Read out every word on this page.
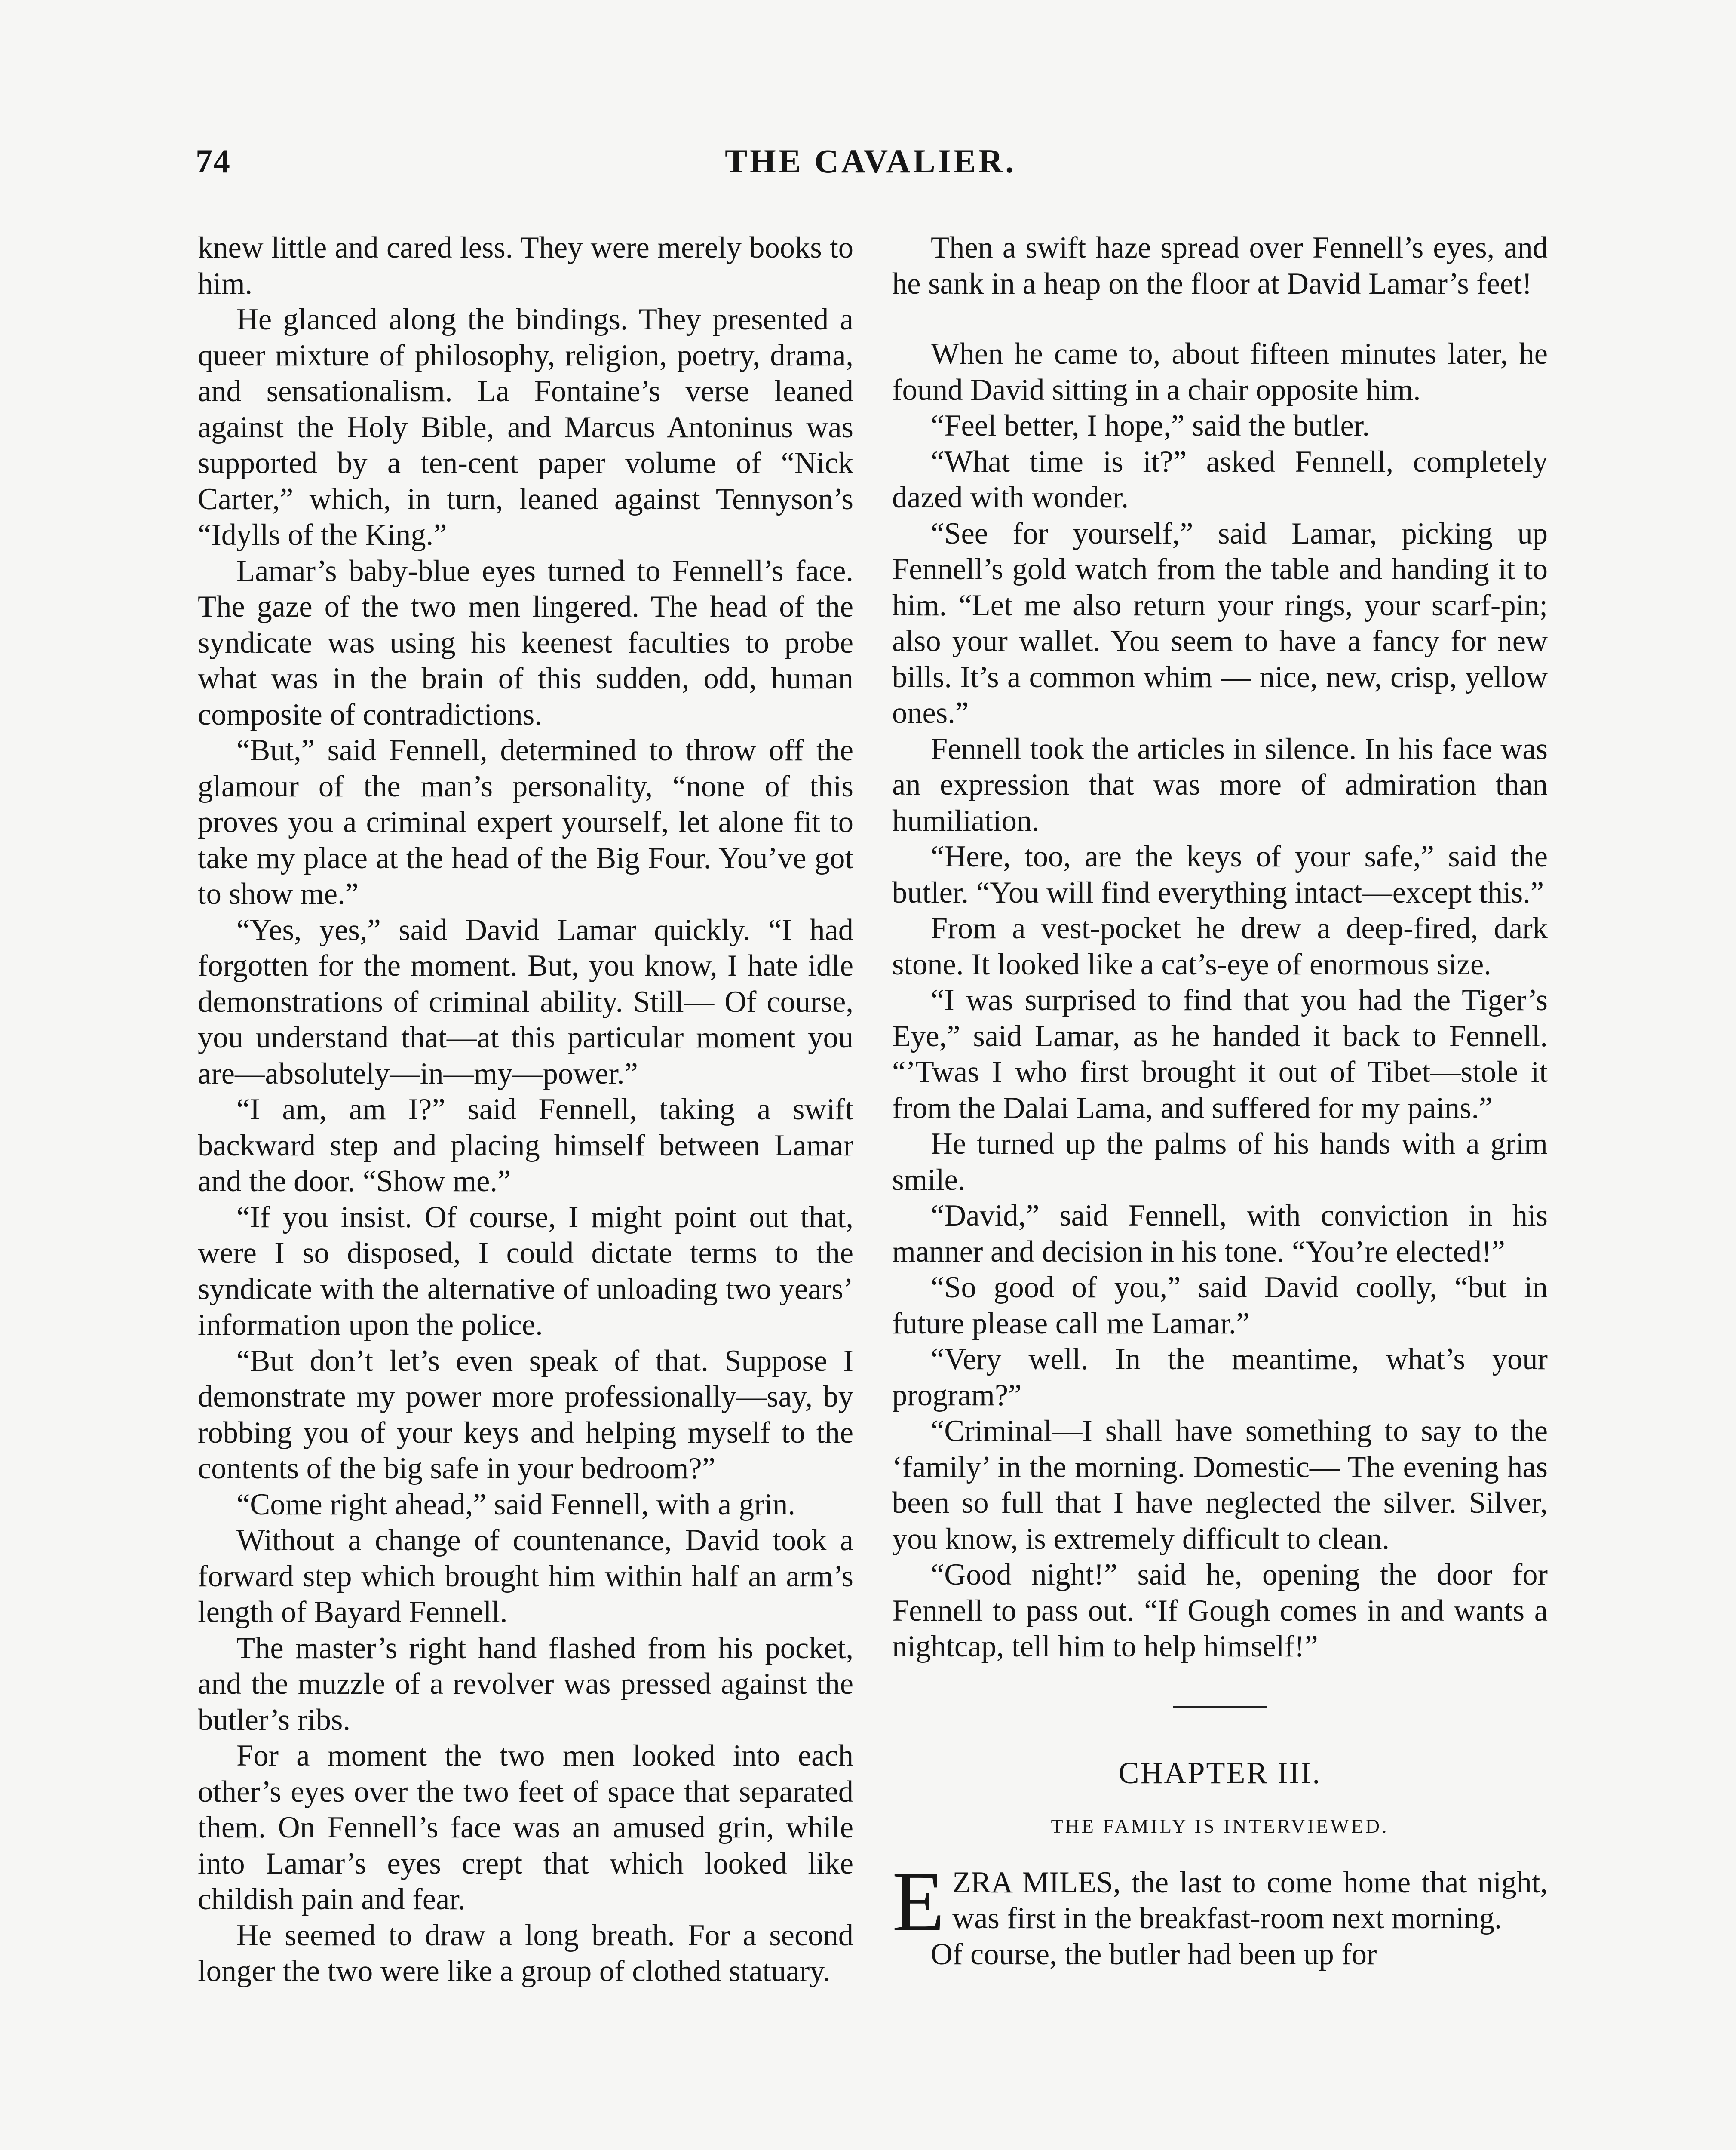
74	THE CAVALIER.

knew little and cared less. They were merely books to him.

He glanced along the bindings. They presented a queer mixture of philosophy, religion, poetry, drama, and sensationalism. La Fontaine’s verse leaned against the Holy Bible, and Marcus Antoninus was supported by a ten-cent paper volume of “Nick Carter,” which, in turn, leaned against Tennyson’s “Idylls of the King.”

Lamar’s baby-blue eyes turned to Fennell’s face. The gaze of the two men lingered. The head of the syndicate was using his keenest faculties to probe what was in the brain of this sudden, odd, human composite of contradictions.

“But,” said Fennell, determined to throw off the glamour of the man’s personality, “none of this proves you a criminal expert yourself, let alone fit to take my place at the head of the Big Four. You’ve got to show me.”

“Yes, yes,” said David Lamar quickly. “I had forgotten for the moment. But, you know, I hate idle demonstrations of criminal ability. Still— Of course, you understand that—at this particular moment you are—absolutely—in—my—power.”

“I am, am I?” said Fennell, taking a swift backward step and placing himself between Lamar and the door. “Show me.”

“If you insist. Of course, I might point out that, were I so disposed, I could dictate terms to the syndicate with the alternative of unloading two years’ information upon the police.

“But don’t let’s even speak of that. Suppose I demonstrate my power more professionally—say, by robbing you of your keys and helping myself to the contents of the big safe in your bedroom?”

“Come right ahead,” said Fennell, with a grin.

Without a change of countenance, David took a forward step which brought him within half an arm’s length of Bayard Fennell.

The master’s right hand flashed from his pocket, and the muzzle of a revolver was pressed against the butler’s ribs.

For a moment the two men looked into each other’s eyes over the two feet of space that separated them. On Fennell’s face was an amused grin, while into Lamar’s eyes crept that which looked like childish pain and fear.

He seemed to draw a long breath. For a second longer the two were like a group of clothed statuary.

Then a swift haze spread over Fennell’s eyes, and he sank in a heap on the floor at David Lamar’s feet!

When he came to, about fifteen minutes later, he found David sitting in a chair opposite him.

“Feel better, I hope,” said the butler.

“What time is it?” asked Fennell, completely dazed with wonder.

“See for yourself,” said Lamar, picking up Fennell’s gold watch from the table and handing it to him. “Let me also return your rings, your scarf-pin; also your wallet. You seem to have a fancy for new bills. It’s a common whim — nice, new, crisp, yellow ones.”

Fennell took the articles in silence. In his face was an expression that was more of admiration than humiliation.

“Here, too, are the keys of your safe,” said the butler. “You will find everything intact—except this.”

From a vest-pocket he drew a deep-fired, dark stone. It looked like a cat’s-eye of enormous size.

“I was surprised to find that you had the Tiger’s Eye,” said Lamar, as he handed it back to Fennell. “’Twas I who first brought it out of Tibet—stole it from the Dalai Lama, and suffered for my pains.”

He turned up the palms of his hands with a grim smile.

“David,” said Fennell, with conviction in his manner and decision in his tone. “You’re elected!”

“So good of you,” said David coolly, “but in future please call me Lamar.”

“Very well. In the meantime, what’s your program?”

“Criminal—I shall have something to say to the ‘family’ in the morning. Domestic— The evening has been so full that I have neglected the silver. Silver, you know, is extremely difficult to clean.

“Good night!” said he, opening the door for Fennell to pass out. “If Gough comes in and wants a nightcap, tell him to help himself!”

CHAPTER III.
THE FAMILY IS INTERVIEWED.

EZRA MILES, the last to come home that night, was first in the breakfast-room next morning.

Of course, the butler had been up for
